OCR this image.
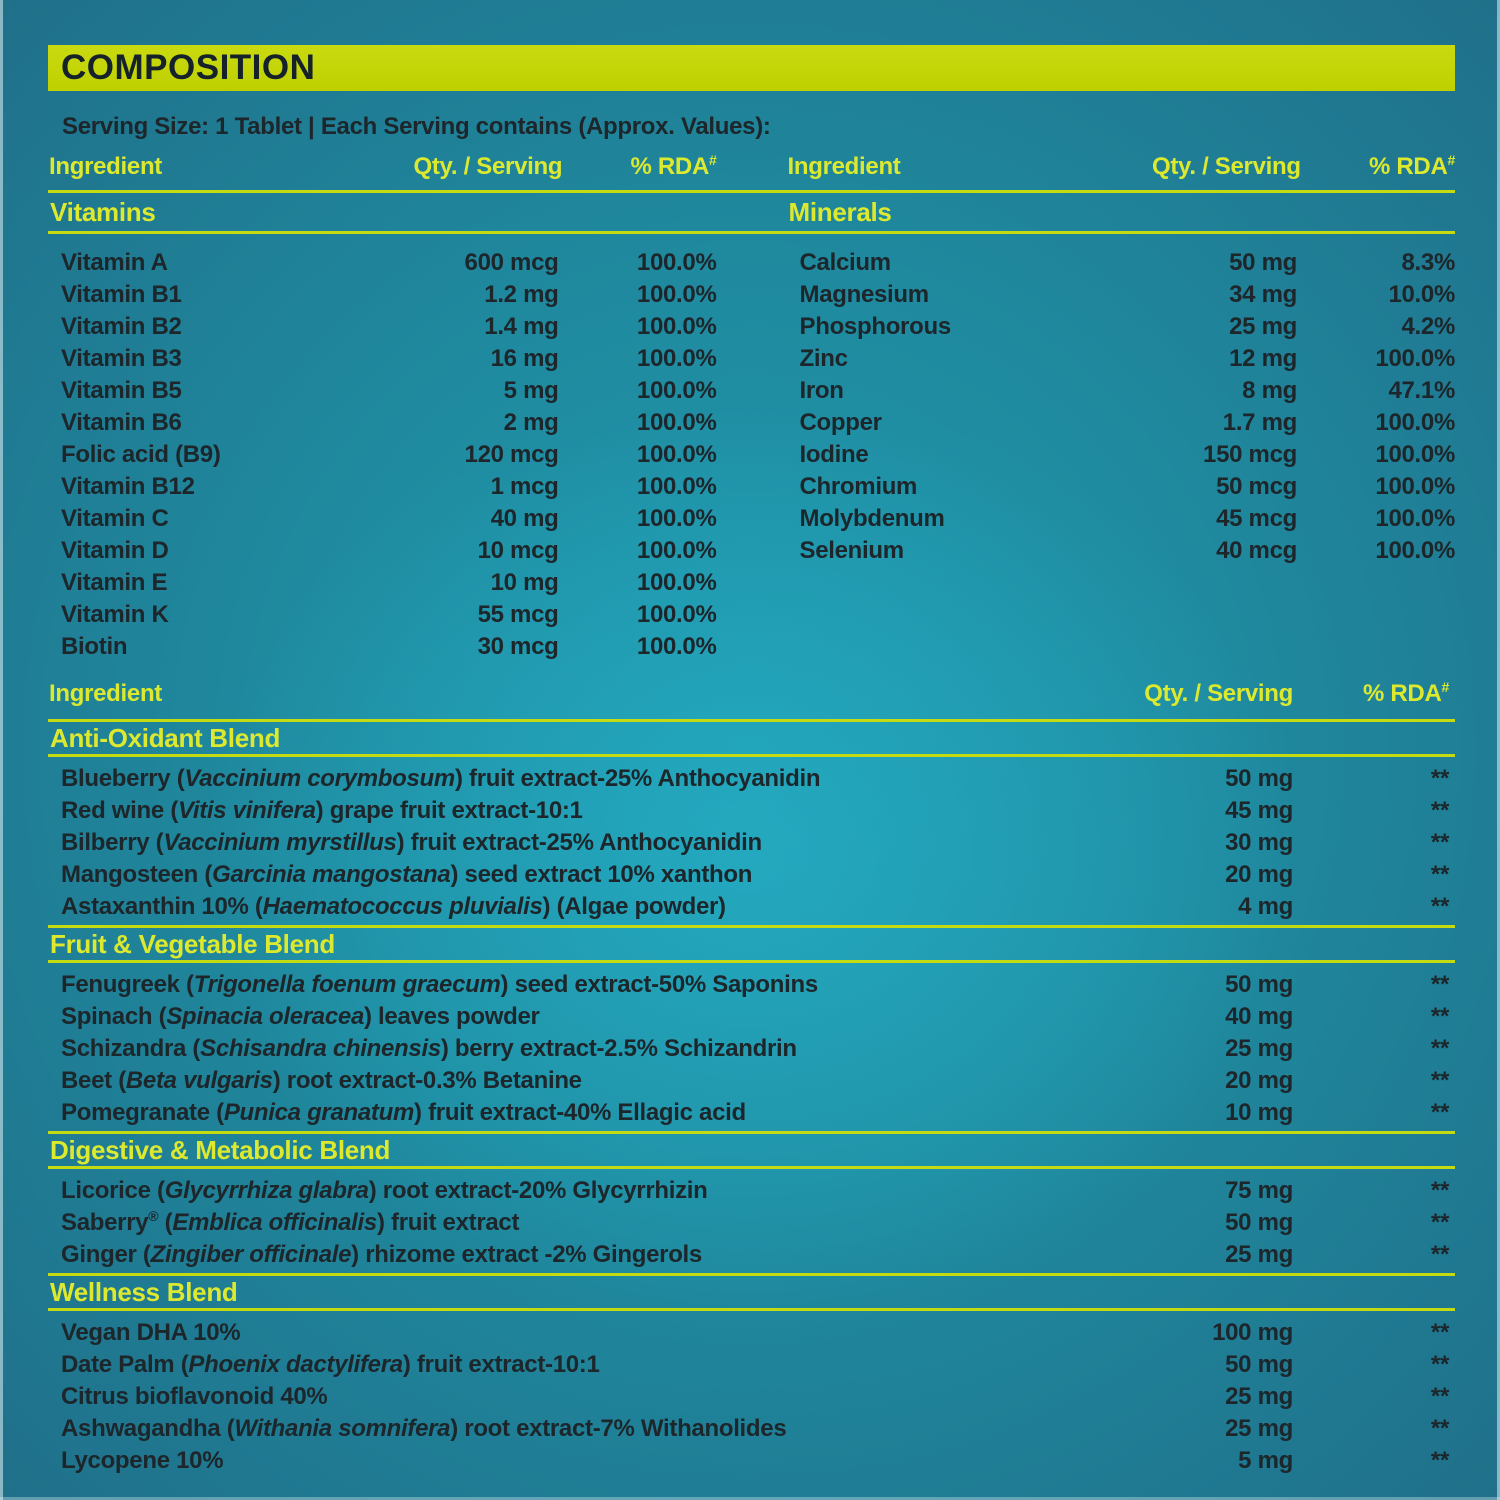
COMPOSITION
Serving Size: 1 Tablet | Each Serving contains (Approx. Values):
Ingredient	Qty. / Serving	% RDA#	Ingredient	Qty. / Serving	% RDA#
Vitamins	Minerals
Vitamin A	600 mcg	100.0%
Vitamin B1	1.2 mg	100.0%
Vitamin B2	1.4 mg	100.0%
Vitamin B3	16 mg	100.0%
Vitamin B5	5 mg	100.0%
Vitamin B6	2 mg	100.0%
Folic acid (B9)	120 mcg	100.0%
Vitamin B12	1 mcg	100.0%
Vitamin C	40 mg	100.0%
Vitamin D	10 mcg	100.0%
Vitamin E	10 mg	100.0%
Vitamin K	55 mcg	100.0%
Biotin	30 mcg	100.0%
Calcium	50 mg	8.3%
Magnesium	34 mg	10.0%
Phosphorous	25 mg	4.2%
Zinc	12 mg	100.0%
Iron	8 mg	47.1%
Copper	1.7 mg	100.0%
Iodine	150 mcg	100.0%
Chromium	50 mcg	100.0%
Molybdenum	45 mcg	100.0%
Selenium	40 mcg	100.0%
Ingredient	Qty. / Serving	% RDA#
Anti-Oxidant Blend
Blueberry (Vaccinium corymbosum) fruit extract-25% Anthocyanidin	50 mg	**
Red wine (Vitis vinifera) grape fruit extract-10:1	45 mg	**
Bilberry (Vaccinium myrstillus) fruit extract-25% Anthocyanidin	30 mg	**
Mangosteen (Garcinia mangostana) seed extract 10% xanthon	20 mg	**
Astaxanthin 10% (Haematococcus pluvialis) (Algae powder)	4 mg	**
Fruit & Vegetable Blend
Fenugreek (Trigonella foenum graecum) seed extract-50% Saponins	50 mg	**
Spinach (Spinacia oleracea) leaves powder	40 mg	**
Schizandra (Schisandra chinensis) berry extract-2.5% Schizandrin	25 mg	**
Beet (Beta vulgaris) root extract-0.3% Betanine	20 mg	**
Pomegranate (Punica granatum) fruit extract-40% Ellagic acid	10 mg	**
Digestive & Metabolic Blend
Licorice (Glycyrrhiza glabra) root extract-20% Glycyrrhizin	75 mg	**
Saberry® (Emblica officinalis) fruit extract	50 mg	**
Ginger (Zingiber officinale) rhizome extract -2% Gingerols	25 mg	**
Wellness Blend
Vegan DHA 10%	100 mg	**
Date Palm (Phoenix dactylifera) fruit extract-10:1	50 mg	**
Citrus bioflavonoid 40%	25 mg	**
Ashwagandha (Withania somnifera) root extract-7% Withanolides	25 mg	**
Lycopene 10%	5 mg	**
